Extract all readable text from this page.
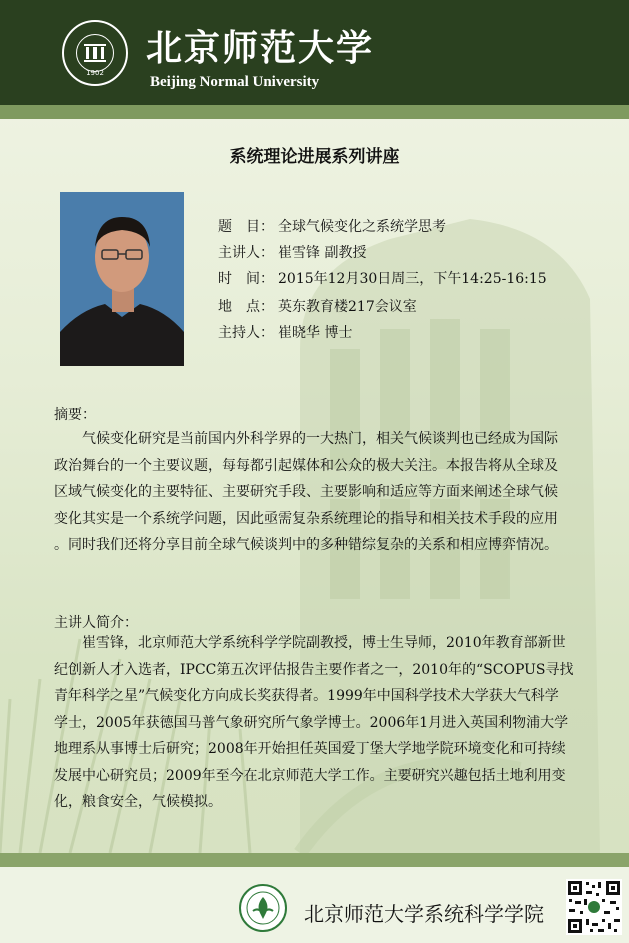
1902
北京师范大学
Beijing Normal University
系统理论进展系列讲座
题　目： 全球气候变化之系统学思考
主讲人： 崔雪锋 副教授
时　间： 2015年12月30日周三，下午14:25-16:15
地　点： 英东教育楼217会议室
主持人： 崔晓华 博士
摘要：
　　气候变化研究是当前国内外科学界的一大热门，相关气候谈判也已经成为国际
政治舞台的一个主要议题，每每都引起媒体和公众的极大关注。本报告将从全球及
区域气候变化的主要特征、主要研究手段、主要影响和适应等方面来阐述全球气候
变化其实是一个系统学问题，因此亟需复杂系统理论的指导和相关技术手段的应用
。同时我们还将分享目前全球气候谈判中的多种错综复杂的关系和相应博弈情况。
主讲人简介：
　　崔雪锋，北京师范大学系统科学学院副教授，博士生导师，2010年教育部新世
纪创新人才入选者，IPCC第五次评估报告主要作者之一，2010年的“SCOPUS寻找
青年科学之星”气候变化方向成长奖获得者。1999年中国科学技术大学获大气科学
学士，2005年获德国马普气象研究所气象学博士。2006年1月进入英国利物浦大学
地理系从事博士后研究；2008年开始担任英国爱丁堡大学地学院环境变化和可持续
发展中心研究员；2009年至今在北京师范大学工作。主要研究兴趣包括土地利用变
化，粮食安全，气候模拟。
北京师范大学系统科学学院
